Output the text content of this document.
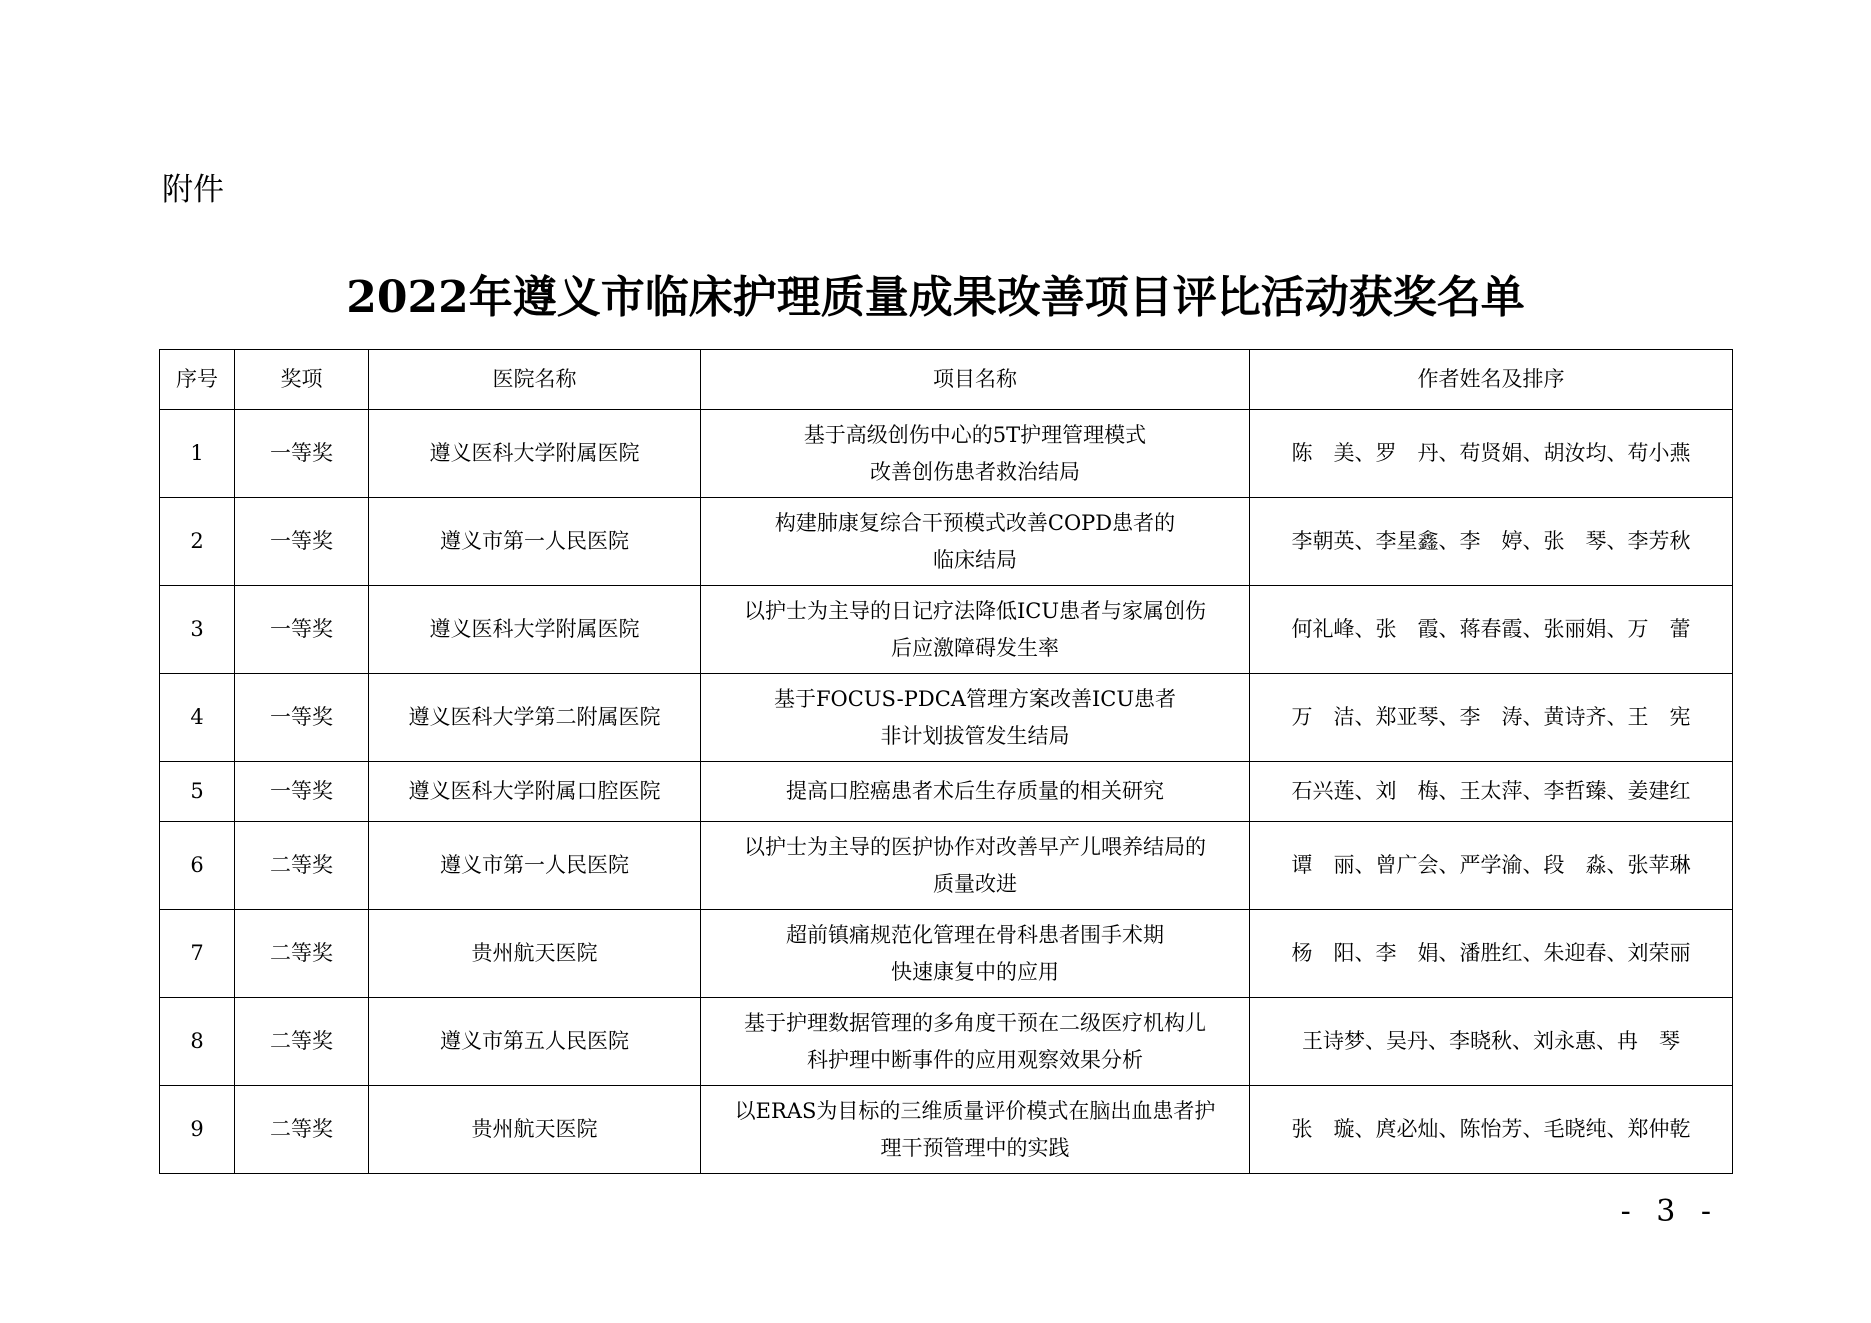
附件
2022年遵义市临床护理质量成果改善项目评比活动获奖名单
序号	奖项	医院名称	项目名称	作者姓名及排序
1	一等奖	遵义医科大学附属医院	基于高级创伤中心的5T护理管理模式
改善创伤患者救治结局	陈　美、罗　丹、苟贤娟、胡汝均、苟小燕
2	一等奖	遵义市第一人民医院	构建肺康复综合干预模式改善COPD患者的
临床结局	李朝英、李星鑫、李　婷、张　琴、李芳秋
3	一等奖	遵义医科大学附属医院	以护士为主导的日记疗法降低ICU患者与家属创伤
后应激障碍发生率	何礼峰、张　霞、蒋春霞、张丽娟、万　蕾
4	一等奖	遵义医科大学第二附属医院	基于FOCUS-PDCA管理方案改善ICU患者
非计划拔管发生结局	万　洁、郑亚琴、李　涛、黄诗齐、王　宪
5	一等奖	遵义医科大学附属口腔医院	提高口腔癌患者术后生存质量的相关研究	石兴莲、刘　梅、王太萍、李哲臻、姜建红
6	二等奖	遵义市第一人民医院	以护士为主导的医护协作对改善早产儿喂养结局的
质量改进	谭　丽、曾广会、严学渝、段　淼、张苹琳
7	二等奖	贵州航天医院	超前镇痛规范化管理在骨科患者围手术期
快速康复中的应用	杨　阳、李　娟、潘胜红、朱迎春、刘荣丽
8	二等奖	遵义市第五人民医院	基于护理数据管理的多角度干预在二级医疗机构儿
科护理中断事件的应用观察效果分析	王诗梦、吴丹、李晓秋、刘永惠、冉　琴
9	二等奖	贵州航天医院	以ERAS为目标的三维质量评价模式在脑出血患者护
理干预管理中的实践	张　璇、庹必灿、陈怡芳、毛晓纯、郑仲乾
- 3 -
